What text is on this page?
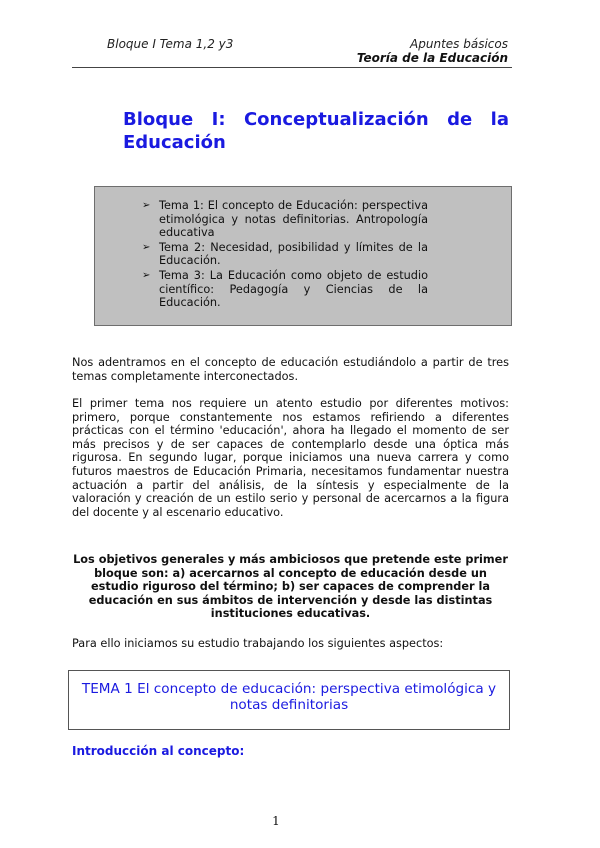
Bloque I Tema 1,2 y3	Apuntes básicos
Teoría de la Educación
Bloque I: Conceptualización de la Educación
➢ Tema 1: El concepto de Educación: perspectiva etimológica y notas definitorias. Antropología educativa
➢ Tema 2: Necesidad, posibilidad y límites de la Educación.
➢ Tema 3: La Educación como objeto de estudio científico: Pedagogía y Ciencias de la Educación.

Nos adentramos en el concepto de educación estudiándolo a partir de tres temas completamente interconectados.

El primer tema nos requiere un atento estudio por diferentes motivos: primero, porque constantemente nos estamos refiriendo a diferentes prácticas con el término 'educación', ahora ha llegado el momento de ser más precisos y de ser capaces de contemplarlo desde una óptica más rigurosa. En segundo lugar, porque iniciamos una nueva carrera y como futuros maestros de Educación Primaria, necesitamos fundamentar nuestra actuación a partir del análisis, de la síntesis y especialmente de la valoración y creación de un estilo serio y personal de acercarnos a la figura del docente y al escenario educativo.

Los objetivos generales y más ambiciosos que pretende este primer bloque son: a) acercarnos al concepto de educación desde un estudio riguroso del término; b) ser capaces de comprender la educación en sus ámbitos de intervención y desde las distintas instituciones educativas.

Para ello iniciamos su estudio trabajando los siguientes aspectos:

TEMA 1 El concepto de educación: perspectiva etimológica y notas definitorias
Introducción al concepto:
1
